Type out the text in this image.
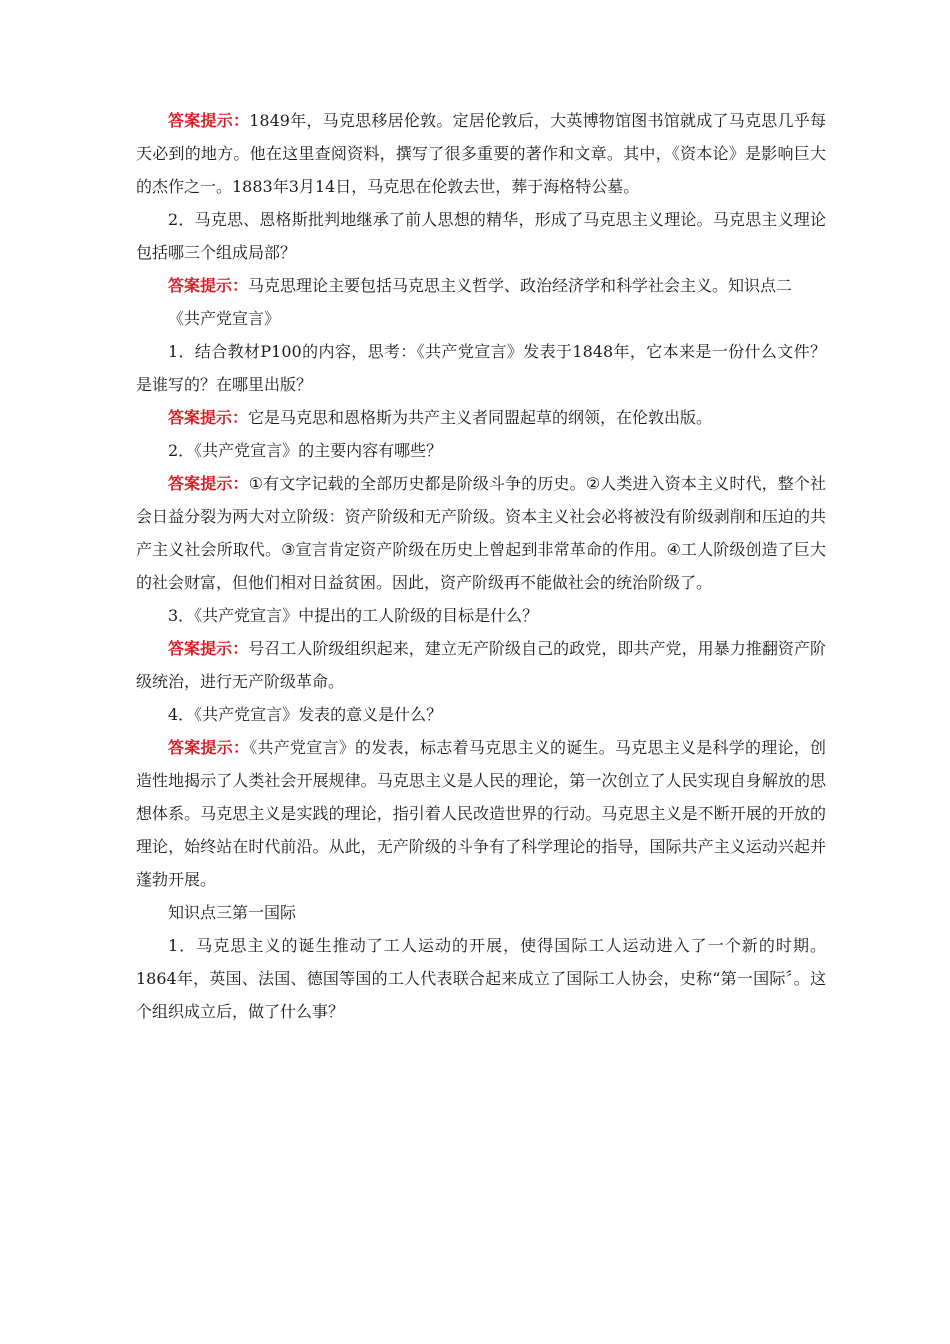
答案提示：1849年，马克思移居伦敦。定居伦敦后，大英博物馆图书馆就成了马克思几乎每天必到的地方。他在这里查阅资料，撰写了很多重要的著作和文章。其中，《资本论》是影响巨大的杰作之一。1883年3月14日，马克思在伦敦去世，葬于海格特公墓。

2．马克思、恩格斯批判地继承了前人思想的精华，形成了马克思主义理论。马克思主义理论包括哪三个组成局部？

答案提示：马克思理论主要包括马克思主义哲学、政治经济学和科学社会主义。知识点二

《共产党宣言》

1．结合教材P100的内容，思考：《共产党宣言》发表于1848年，它本来是一份什么文件？是谁写的？在哪里出版？

答案提示：它是马克思和恩格斯为共产主义者同盟起草的纲领，在伦敦出版。

2．《共产党宣言》的主要内容有哪些？

答案提示：①有文字记载的全部历史都是阶级斗争的历史。②人类进入资本主义时代，整个社会日益分裂为两大对立阶级：资产阶级和无产阶级。资本主义社会必将被没有阶级剥削和压迫的共产主义社会所取代。③宣言肯定资产阶级在历史上曾起到非常革命的作用。④工人阶级创造了巨大的社会财富，但他们相对日益贫困。因此，资产阶级再不能做社会的统治阶级了。

3．《共产党宣言》中提出的工人阶级的目标是什么？

答案提示：号召工人阶级组织起来，建立无产阶级自己的政党，即共产党，用暴力推翻资产阶级统治，进行无产阶级革命。

4．《共产党宣言》发表的意义是什么？

答案提示：《共产党宣言》的发表，标志着马克思主义的诞生。马克思主义是科学的理论，创造性地揭示了人类社会开展规律。马克思主义是人民的理论，第一次创立了人民实现自身解放的思想体系。马克思主义是实践的理论，指引着人民改造世界的行动。马克思主义是不断开展的开放的理论，始终站在时代前沿。从此，无产阶级的斗争有了科学理论的指导，国际共产主义运动兴起并蓬勃开展。

知识点三第一国际

1．马克思主义的诞生推动了工人运动的开展，使得国际工人运动进入了一个新的时期。1864年，英国、法国、德国等国的工人代表联合起来成立了国际工人协会，史称“第一国际〞。这个组织成立后，做了什么事？
